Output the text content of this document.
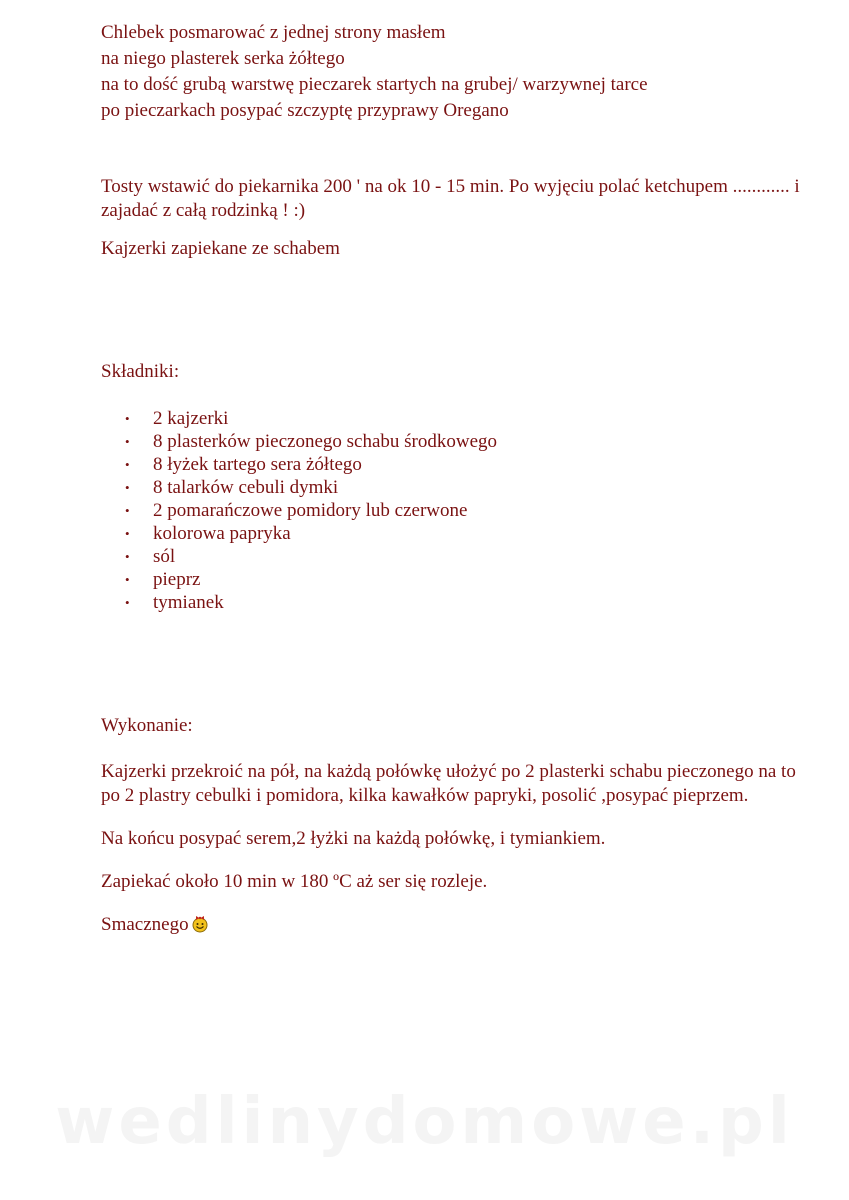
Chlebek posmarować z jednej strony masłem
na niego plasterek serka żółtego
na to dość grubą warstwę pieczarek startych na grubej/ warzywnej tarce
po pieczarkach posypać szczyptę przyprawy Oregano

Tosty wstawić do piekarnika 200 ' na ok 10 - 15 min. Po wyjęciu polać ketchupem ............ i zajadać z całą rodzinką ! :)

Kajzerki zapiekane ze schabem

Składniki:

• 2 kajzerki
• 8 plasterków pieczonego schabu środkowego
• 8 łyżek tartego sera żółtego
• 8 talarków cebuli dymki
• 2 pomarańczowe pomidory lub czerwone
• kolorowa papryka
• sól
• pieprz
• tymianek

Wykonanie:

Kajzerki przekroić na pół, na każdą połówkę ułożyć po 2 plasterki schabu pieczonego na to po 2 plastry cebulki i pomidora, kilka kawałków papryki, posolić ,posypać pieprzem.

Na końcu posypać serem,2 łyżki na każdą połówkę, i tymiankiem.

Zapiekać około 10 min w 180 ºC aż ser się rozleje.

Smacznego
wedlinydomowe.pl
